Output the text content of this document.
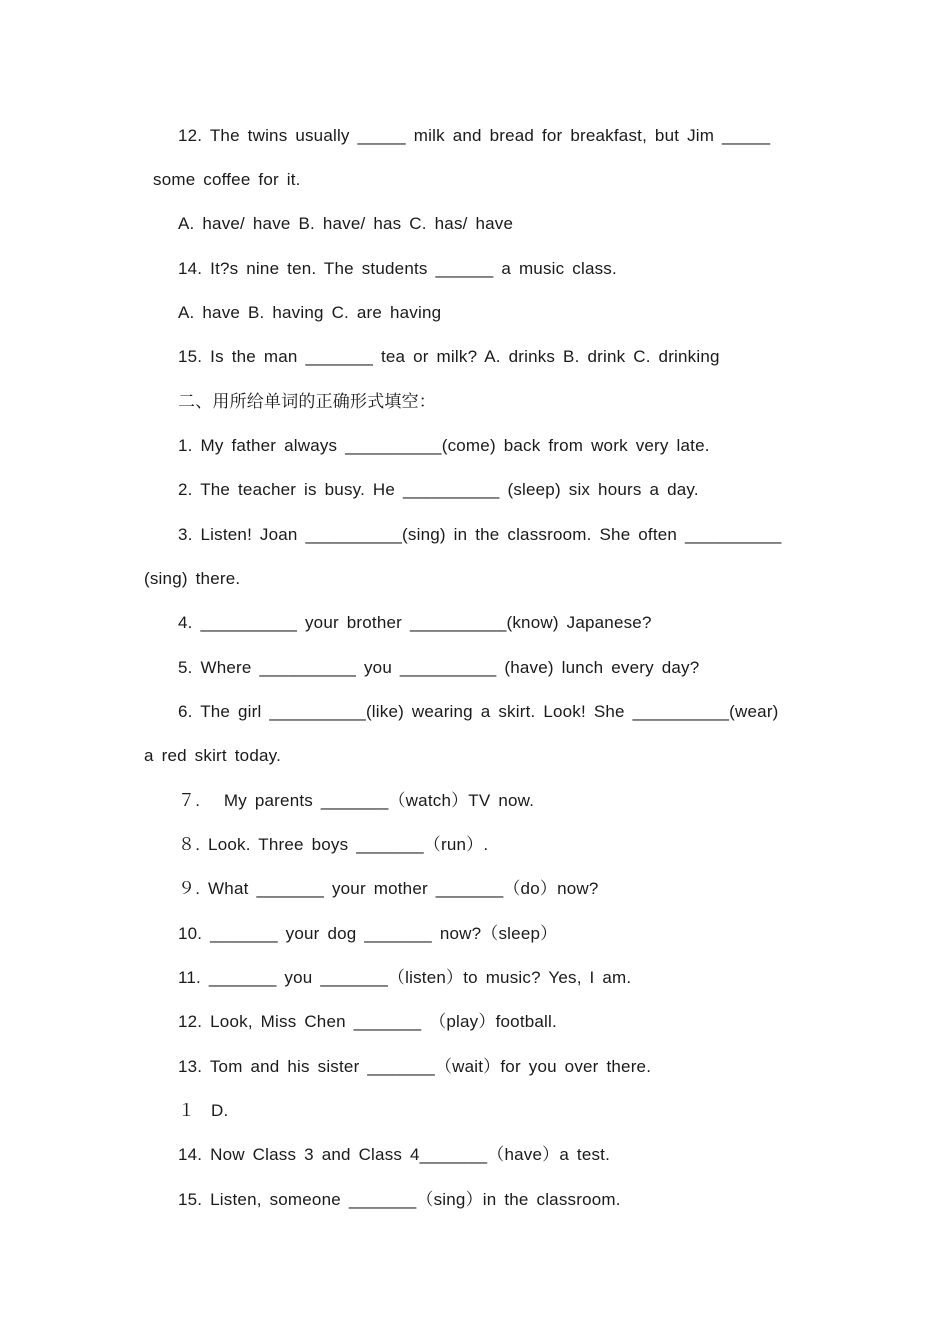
12. The twins usually _____ milk and bread for breakfast, but Jim _____
some coffee for it.
A. have/ have B. have/ has C. has/ have
14. It?s nine ten. The students ______ a music class.
A. have B. having C. are having
15. Is the man _______ tea or milk? A. drinks B. drink C. drinking
二、用所给单词的正确形式填空：
1. My father always __________(come) back from work very late.
2. The teacher is busy. He __________ (sleep) six hours a day.
3. Listen! Joan __________(sing) in the classroom. She often __________
(sing) there.
4. __________ your brother __________(know) Japanese?
5. Where __________ you __________ (have) lunch every day?
6. The girl __________(like) wearing a skirt. Look! She __________(wear)
a red skirt today.
７.   My parents _______（watch）TV now.
８. Look. Three boys _______（run）.
９. What _______ your mother _______（do）now?
10. _______ your dog _______ now?（sleep）
11. _______ you _______（listen）to music? Yes, I am.
12. Look, Miss Chen _______ （play）football.
13. Tom and his sister _______（wait）for you over there.
１  D.
14. Now Class 3 and Class 4_______（have）a test.
15. Listen, someone _______（sing）in the classroom.
